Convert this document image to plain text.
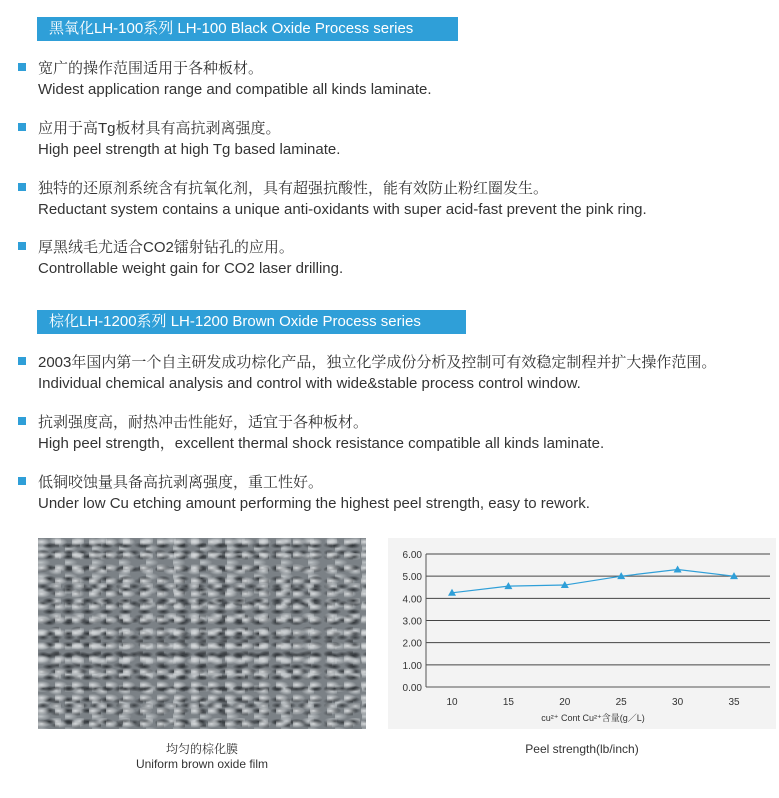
黑氧化LH-100系列 LH-100 Black Oxide Process series
宽广的操作范围适用于各种板材。
Widest application range and compatible all kinds laminate.
应用于高Tg板材具有高抗剥离强度。
High peel strength at high Tg based laminate.
独特的还原剂系统含有抗氧化剂，具有超强抗酸性，能有效防止粉红圈发生。
Reductant system contains a unique anti-oxidants with super acid-fast prevent the pink ring.
厚黑绒毛尤适合CO2镭射钻孔的应用。
Controllable weight gain for CO2 laser drilling.
棕化LH-1200系列 LH-1200 Brown Oxide Process series
2003年国内第一个自主研发成功棕化产品，独立化学成份分析及控制可有效稳定制程并扩大操作范围。
Individual chemical analysis and control with wide&stable process control window.
抗剥强度高，耐热冲击性能好，适宜于各种板材。
High peel strength，excellent thermal shock resistance compatible all kinds laminate.
低铜咬蚀量具备高抗剥离强度，重工性好。
Under low Cu etching amount performing the highest peel strength, easy to rework.
均匀的棕化膜
Uniform brown oxide film
0.00
1.00
2.00
3.00
4.00
5.00
6.00
10	15	20	25	30	35
cu²⁺ Cont Cu²⁺含量(g／L)
Peel strength(lb/inch)
